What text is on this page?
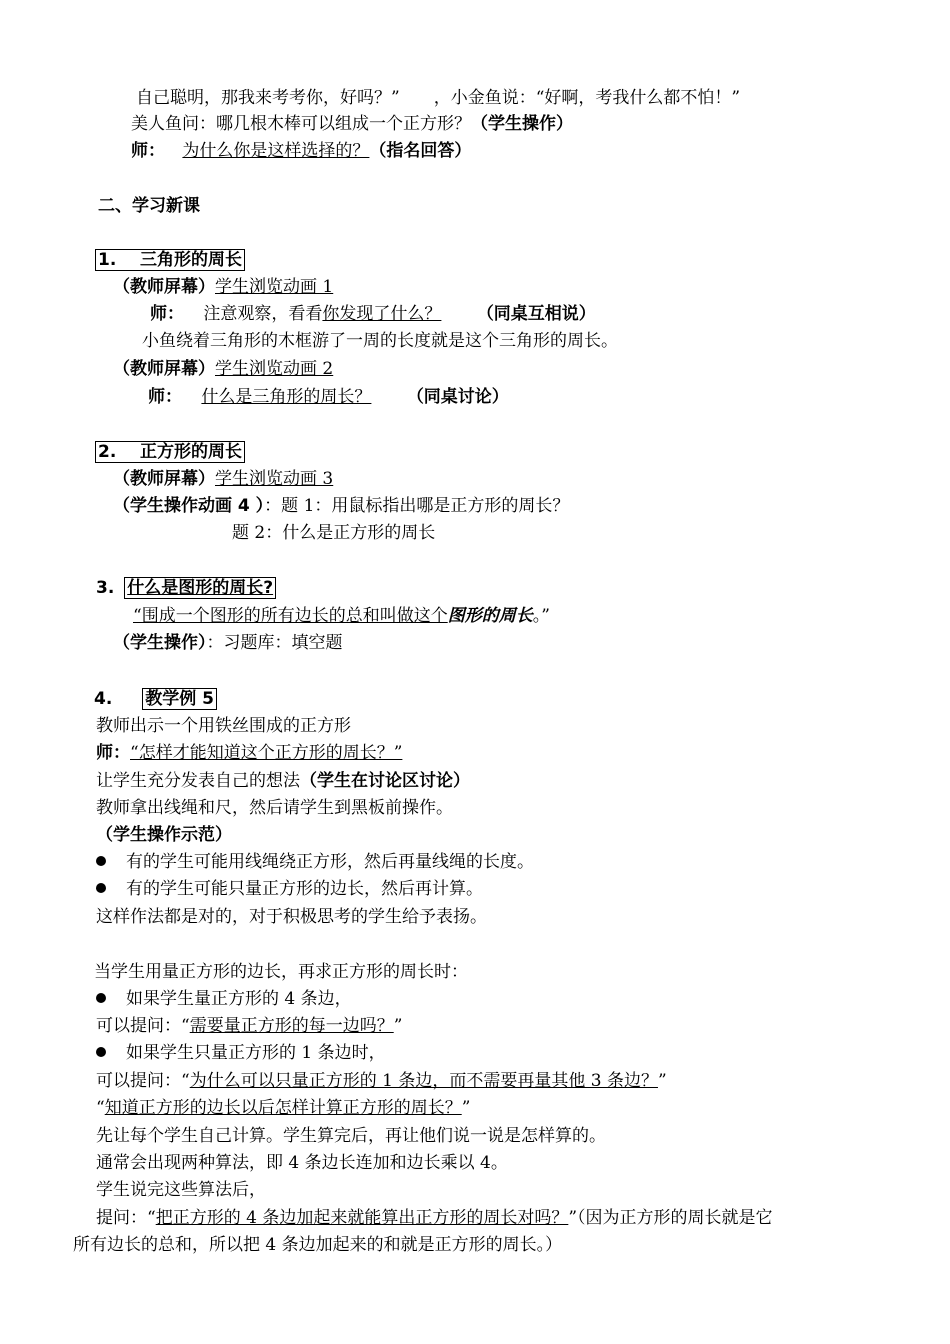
自己聪明，那我来考考你，好吗？”　　，小金鱼说：“好啊，考我什么都不怕！”
美人鱼问：哪几根木棒可以组成一个正方形？（学生操作）
师： 为什么你是这样选择的？（指名回答）
二、学习新课
1. 三角形的周长
（教师屏幕）学生浏览动画 1
师： 注意观察，看看你发现了什么？ （同桌互相说）
小鱼绕着三角形的木框游了一周的长度就是这个三角形的周长。
（教师屏幕）学生浏览动画 2
师： 什么是三角形的周长？ （同桌讨论）
2. 正方形的周长
（教师屏幕）学生浏览动画 3
（学生操作动画 4 ）：题 1：用鼠标指出哪是正方形的周长？
题 2：什么是正方形的周长
3. 什么是图形的周长?
“围成一个图形的所有边长的总和叫做这个图形的周长。”
（学生操作）：习题库：填空题
4. 教学例 5
教师出示一个用铁丝围成的正方形
师：“怎样才能知道这个正方形的周长？”
让学生充分发表自己的想法（学生在讨论区讨论）
教师拿出线绳和尺，然后请学生到黑板前操作。
（学生操作示范）
有的学生可能用线绳绕正方形，然后再量线绳的长度。
有的学生可能只量正方形的边长，然后再计算。
这样作法都是对的，对于积极思考的学生给予表扬。
当学生用量正方形的边长，再求正方形的周长时：
如果学生量正方形的 4 条边，
可以提问：“需要量正方形的每一边吗？”
如果学生只量正方形的 1 条边时，
可以提问：“为什么可以只量正方形的 1 条边，而不需要再量其他 3 条边？”
“知道正方形的边长以后怎样计算正方形的周长？”
先让每个学生自己计算。学生算完后，再让他们说一说是怎样算的。
通常会出现两种算法，即 4 条边长连加和边长乘以 4。
学生说完这些算法后，
提问：“把正方形的 4 条边加起来就能算出正方形的周长对吗？”（因为正方形的周长就是它
所有边长的总和，所以把 4 条边加起来的和就是正方形的周长。）
